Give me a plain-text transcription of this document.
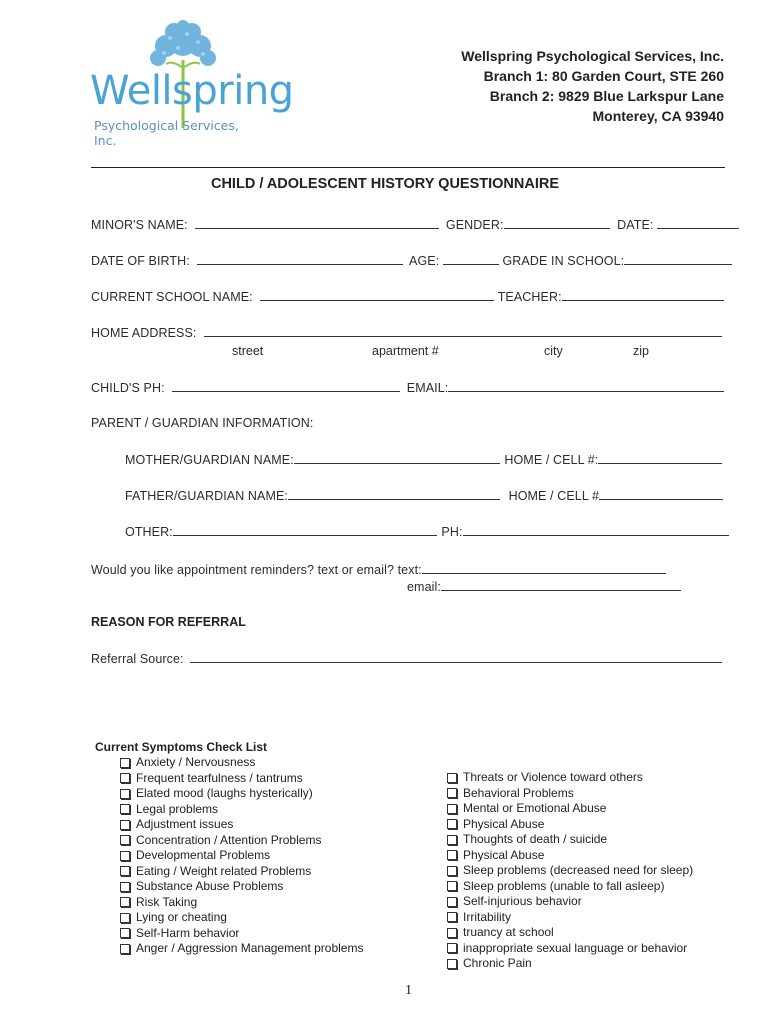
Wellspring
Psychological Services, Inc.
Wellspring Psychological Services, Inc.
Branch 1: 80 Garden Court, STE 260
Branch 2: 9829 Blue Larkspur Lane
Monterey, CA 93940
CHILD / ADOLESCENT HISTORY QUESTIONNAIRE
MINOR'S NAME:	GENDER:	DATE:
DATE OF BIRTH:	AGE:	GRADE IN SCHOOL:
CURRENT SCHOOL NAME:	TEACHER:
HOME ADDRESS:
street	apartment #	city	zip
CHILD'S PH:	EMAIL:
PARENT / GUARDIAN INFORMATION:
MOTHER/GUARDIAN NAME:	HOME / CELL #:
FATHER/GUARDIAN NAME:	HOME / CELL #
OTHER:	PH:
Would you like appointment reminders? text or email? text:
email:
REASON FOR REFERRAL
Referral Source:
Current Symptoms Check List
Anxiety / Nervousness
Frequent tearfulness / tantrums
Elated mood (laughs hysterically)
Legal problems
Adjustment issues
Concentration / Attention Problems
Developmental Problems
Eating / Weight related Problems
Substance Abuse Problems
Risk Taking
Lying or cheating
Self-Harm behavior
Anger / Aggression Management problems
Threats or Violence toward others
Behavioral Problems
Mental or Emotional Abuse
Physical Abuse
Thoughts of death / suicide
Physical Abuse
Sleep problems (decreased need for sleep)
Sleep problems (unable to fall asleep)
Self-injurious behavior
Irritability
truancy at school
inappropriate sexual language or behavior
Chronic Pain
1
